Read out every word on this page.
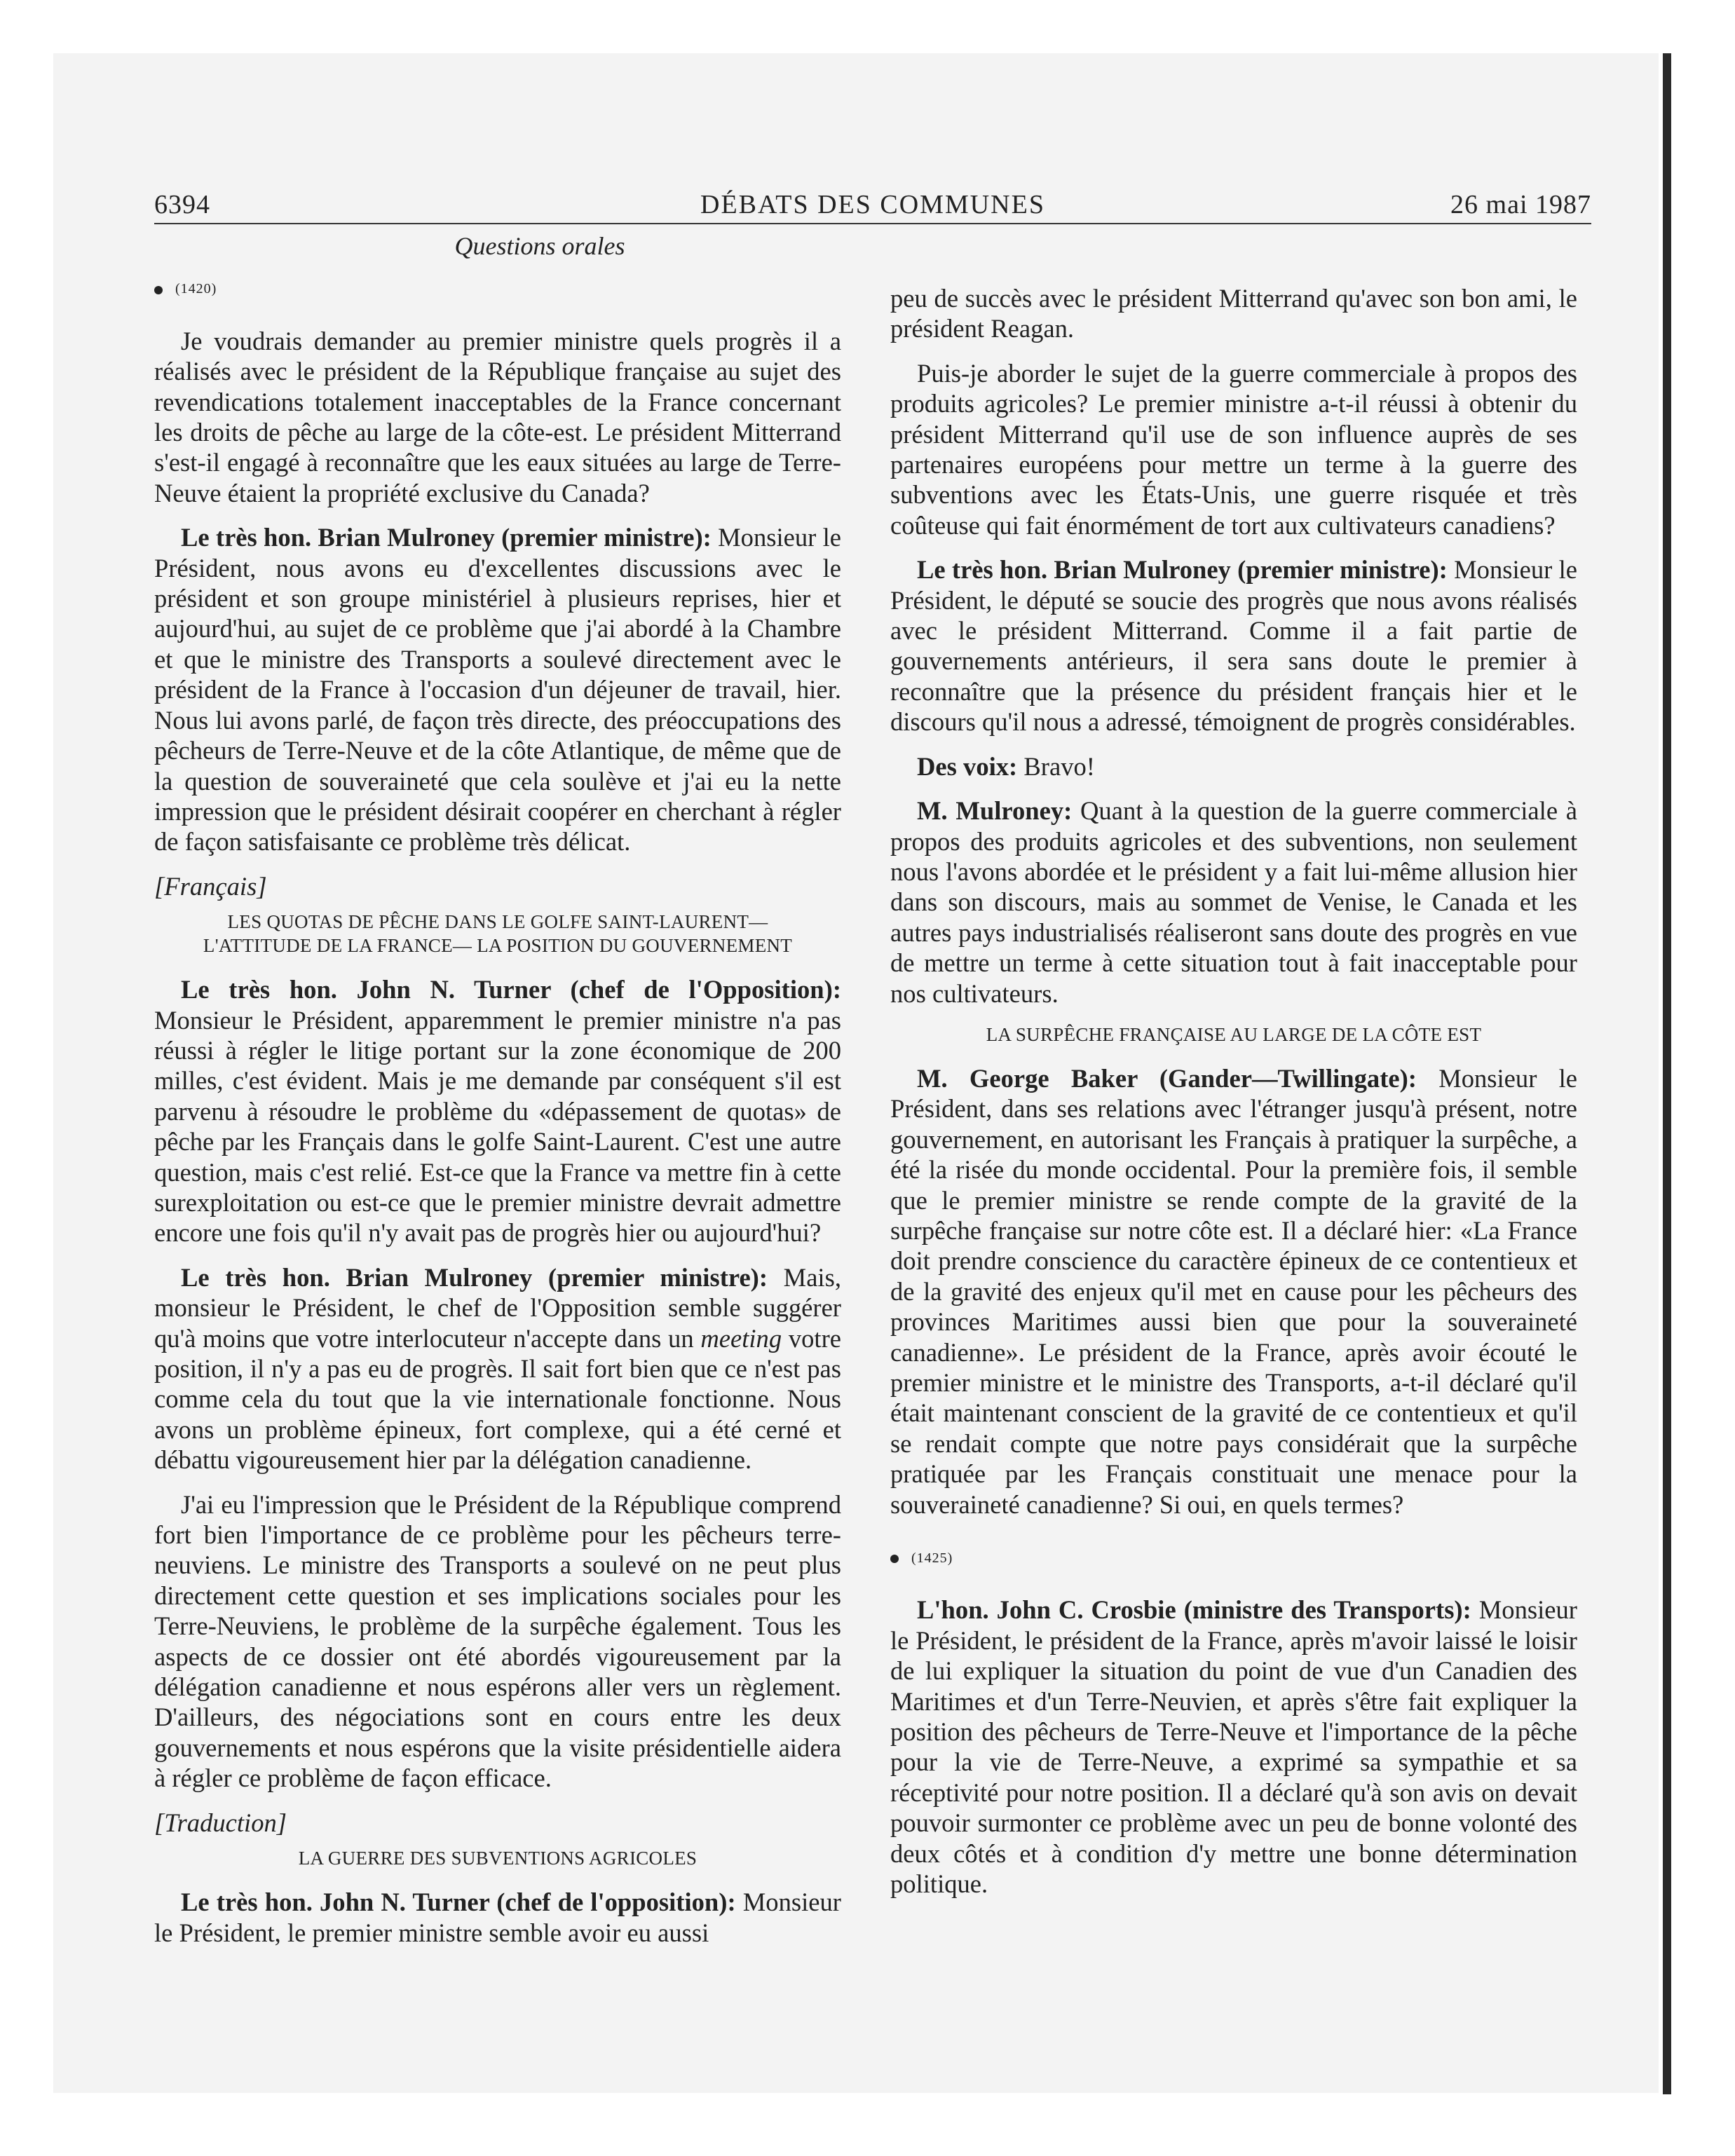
6394	DÉBATS DES COMMUNES	26 mai 1987
Questions orales
(1420)

Je voudrais demander au premier ministre quels progrès il a réalisés avec le président de la République française au sujet des revendications totalement inacceptables de la France concernant les droits de pêche au large de la côte-est. Le président Mitterrand s'est-il engagé à reconnaître que les eaux situées au large de Terre-Neuve étaient la propriété exclusive du Canada?

Le très hon. Brian Mulroney (premier ministre): Monsieur le Président, nous avons eu d'excellentes discussions avec le président et son groupe ministériel à plusieurs reprises, hier et aujourd'hui, au sujet de ce problème que j'ai abordé à la Chambre et que le ministre des Transports a soulevé directement avec le président de la France à l'occasion d'un déjeuner de travail, hier. Nous lui avons parlé, de façon très directe, des préoccupations des pêcheurs de Terre-Neuve et de la côte Atlantique, de même que de la question de souveraineté que cela soulève et j'ai eu la nette impression que le président désirait coopérer en cherchant à régler de façon satisfaisante ce problème très délicat.

[Français]
LES QUOTAS DE PÊCHE DANS LE GOLFE SAINT-LAURENT—
L'ATTITUDE DE LA FRANCE— LA POSITION DU GOUVERNEMENT

Le très hon. John N. Turner (chef de l'Opposition): Monsieur le Président, apparemment le premier ministre n'a pas réussi à régler le litige portant sur la zone économique de 200 milles, c'est évident. Mais je me demande par conséquent s'il est parvenu à résoudre le problème du «dépassement de quotas» de pêche par les Français dans le golfe Saint-Laurent. C'est une autre question, mais c'est relié. Est-ce que la France va mettre fin à cette surexploitation ou est-ce que le premier ministre devrait admettre encore une fois qu'il n'y avait pas de progrès hier ou aujourd'hui?

Le très hon. Brian Mulroney (premier ministre): Mais, monsieur le Président, le chef de l'Opposition semble suggérer qu'à moins que votre interlocuteur n'accepte dans un meeting votre position, il n'y a pas eu de progrès. Il sait fort bien que ce n'est pas comme cela du tout que la vie internationale fonctionne. Nous avons un problème épineux, fort complexe, qui a été cerné et débattu vigoureusement hier par la délégation canadienne.

J'ai eu l'impression que le Président de la République comprend fort bien l'importance de ce problème pour les pêcheurs terre-neuviens. Le ministre des Transports a soulevé on ne peut plus directement cette question et ses implications sociales pour les Terre-Neuviens, le problème de la surpêche également. Tous les aspects de ce dossier ont été abordés vigoureusement par la délégation canadienne et nous espérons aller vers un règlement. D'ailleurs, des négociations sont en cours entre les deux gouvernements et nous espérons que la visite présidentielle aidera à régler ce problème de façon efficace.

[Traduction]
LA GUERRE DES SUBVENTIONS AGRICOLES

Le très hon. John N. Turner (chef de l'opposition): Monsieur le Président, le premier ministre semble avoir eu aussi

peu de succès avec le président Mitterrand qu'avec son bon ami, le président Reagan.

Puis-je aborder le sujet de la guerre commerciale à propos des produits agricoles? Le premier ministre a-t-il réussi à obtenir du président Mitterrand qu'il use de son influence auprès de ses partenaires européens pour mettre un terme à la guerre des subventions avec les États-Unis, une guerre risquée et très coûteuse qui fait énormément de tort aux cultivateurs canadiens?

Le très hon. Brian Mulroney (premier ministre): Monsieur le Président, le député se soucie des progrès que nous avons réalisés avec le président Mitterrand. Comme il a fait partie de gouvernements antérieurs, il sera sans doute le premier à reconnaître que la présence du président français hier et le discours qu'il nous a adressé, témoignent de progrès considérables.

Des voix: Bravo!

M. Mulroney: Quant à la question de la guerre commerciale à propos des produits agricoles et des subventions, non seulement nous l'avons abordée et le président y a fait lui-même allusion hier dans son discours, mais au sommet de Venise, le Canada et les autres pays industrialisés réaliseront sans doute des progrès en vue de mettre un terme à cette situation tout à fait inacceptable pour nos cultivateurs.

LA SURPÊCHE FRANÇAISE AU LARGE DE LA CÔTE EST

M. George Baker (Gander—Twillingate): Monsieur le Président, dans ses relations avec l'étranger jusqu'à présent, notre gouvernement, en autorisant les Français à pratiquer la surpêche, a été la risée du monde occidental. Pour la première fois, il semble que le premier ministre se rende compte de la gravité de la surpêche française sur notre côte est. Il a déclaré hier: «La France doit prendre conscience du caractère épineux de ce contentieux et de la gravité des enjeux qu'il met en cause pour les pêcheurs des provinces Maritimes aussi bien que pour la souveraineté canadienne». Le président de la France, après avoir écouté le premier ministre et le ministre des Transports, a-t-il déclaré qu'il était maintenant conscient de la gravité de ce contentieux et qu'il se rendait compte que notre pays considérait que la surpêche pratiquée par les Français constituait une menace pour la souveraineté canadienne? Si oui, en quels termes?

(1425)

L'hon. John C. Crosbie (ministre des Transports): Monsieur le Président, le président de la France, après m'avoir laissé le loisir de lui expliquer la situation du point de vue d'un Canadien des Maritimes et d'un Terre-Neuvien, et après s'être fait expliquer la position des pêcheurs de Terre-Neuve et l'importance de la pêche pour la vie de Terre-Neuve, a exprimé sa sympathie et sa réceptivité pour notre position. Il a déclaré qu'à son avis on devait pouvoir surmonter ce problème avec un peu de bonne volonté des deux côtés et à condition d'y mettre une bonne détermination politique.
